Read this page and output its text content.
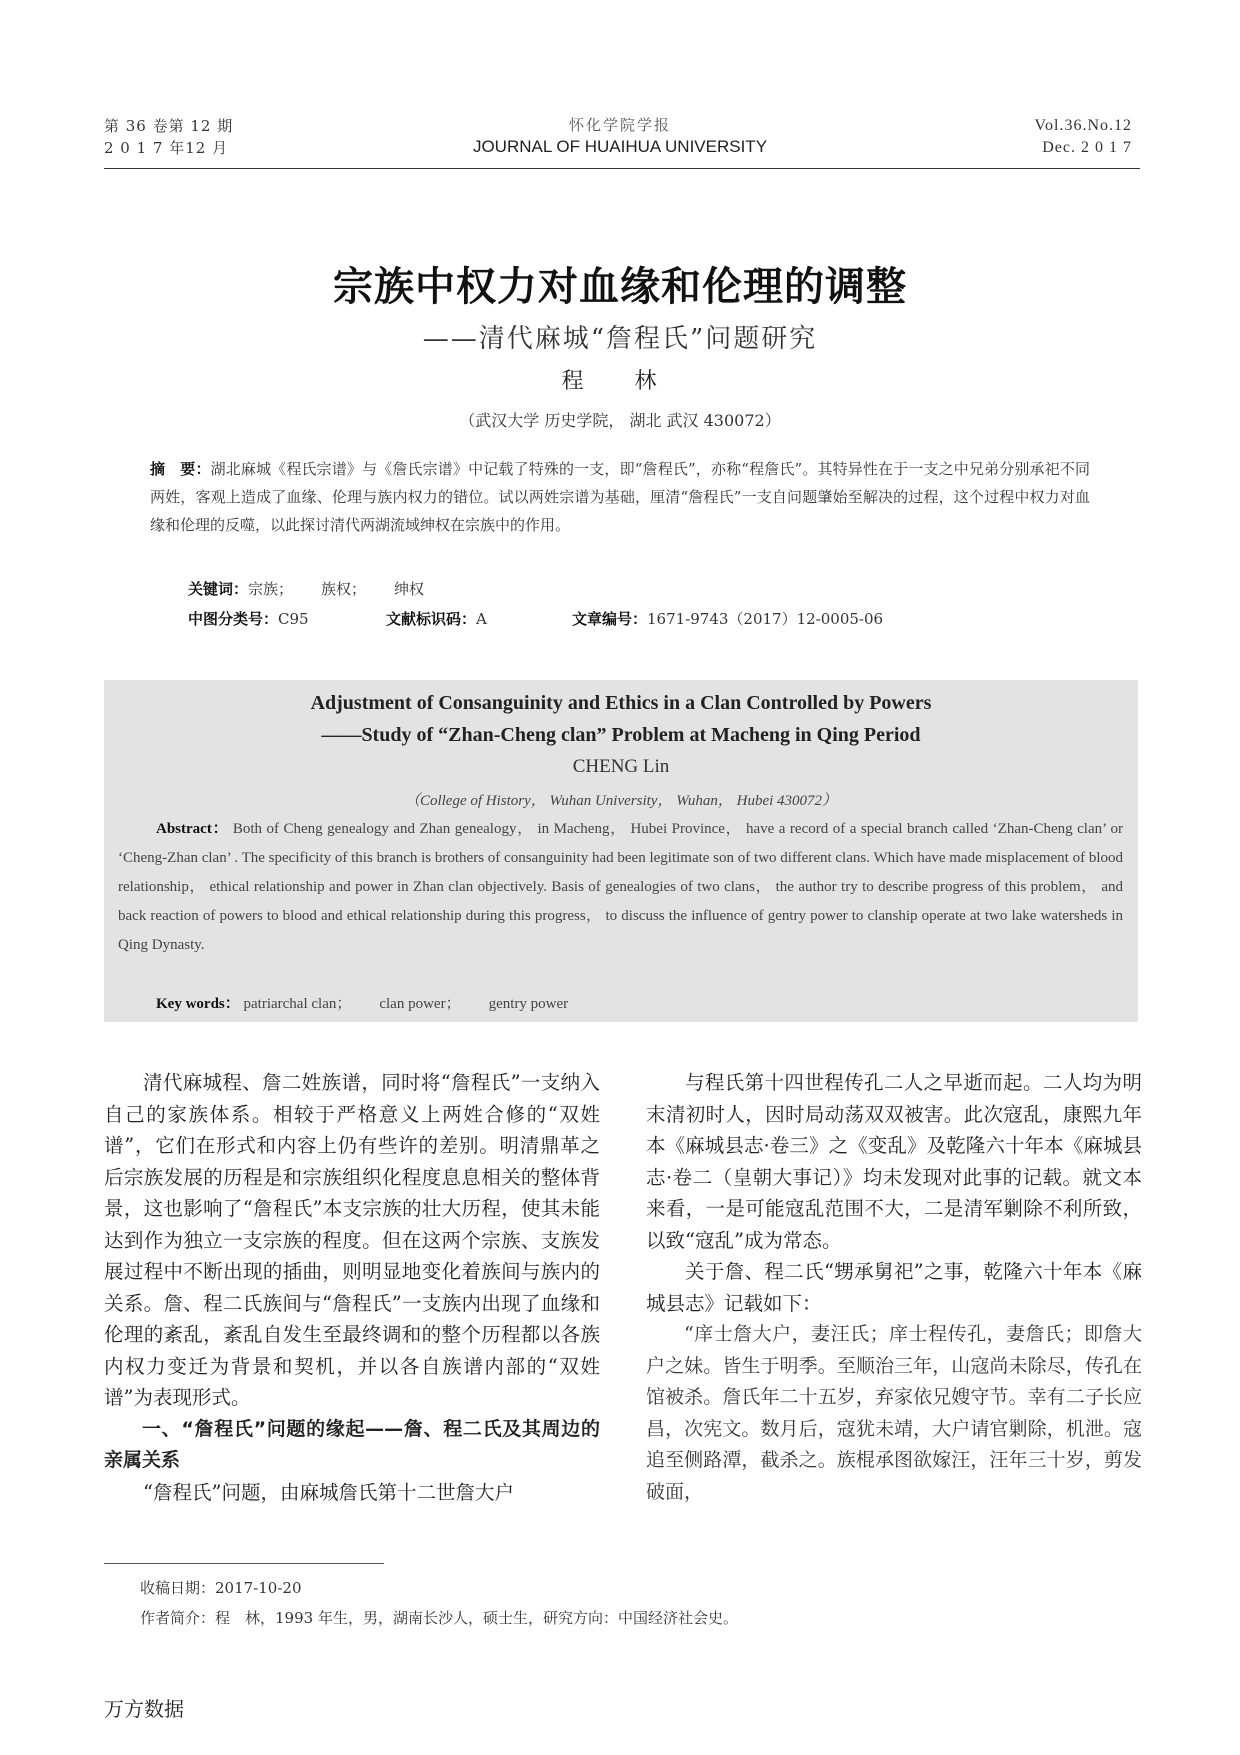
第 36 卷第 12 期
2 0 1 7 年12 月
怀化学院学报
JOURNAL OF HUAIHUA UNIVERSITY
Vol.36.No.12
Dec. 2 0 1 7
宗族中权力对血缘和伦理的调整
——清代麻城“詹程氏”问题研究
程 林
（武汉大学 历史学院， 湖北 武汉 430072）
摘　要：湖北麻城《程氏宗谱》与《詹氏宗谱》中记载了特殊的一支，即“詹程氏”，亦称“程詹氏”。其特异性在于一支之中兄弟分别承祀不同两姓，客观上造成了血缘、伦理与族内权力的错位。试以两姓宗谱为基础，厘清“詹程氏”一支自问题肇始至解决的过程，这个过程中权力对血缘和伦理的反噬，以此探讨清代两湖流域绅权在宗族中的作用。
关键词：宗族； 族权； 绅权
中图分类号：C95	文献标识码：A	文章编号：1671-9743（2017）12-0005-06
Adjustment of Consanguinity and Ethics in a Clan Controlled by Powers
——Study of “Zhan-Cheng clan” Problem at Macheng in Qing Period
CHENG Lin
（College of History， Wuhan University， Wuhan， Hubei 430072）
Abstract： Both of Cheng genealogy and Zhan genealogy， in Macheng， Hubei Province， have a record of a special branch called ‘Zhan-Cheng clan’ or ‘Cheng-Zhan clan’ . The specificity of this branch is brothers of consanguinity had been legitimate son of two different clans. Which have made misplacement of blood relationship， ethical relationship and power in Zhan clan objectively. Basis of genealogies of two clans， the author try to describe progress of this problem， and back reaction of powers to blood and ethical relationship during this progress， to discuss the influence of gentry power to clanship operate at two lake watersheds in Qing Dynasty.
Key words： patriarchal clan； clan power； gentry power

清代麻城程、詹二姓族谱，同时将“詹程氏”一支纳入自己的家族体系。相较于严格意义上两姓合修的“双姓谱”，它们在形式和内容上仍有些许的差别。明清鼎革之后宗族发展的历程是和宗族组织化程度息息相关的整体背景，这也影响了“詹程氏”本支宗族的壮大历程，使其未能达到作为独立一支宗族的程度。但在这两个宗族、支族发展过程中不断出现的插曲，则明显地变化着族间与族内的关系。詹、程二氏族间与“詹程氏”一支族内出现了血缘和伦理的紊乱，紊乱自发生至最终调和的整个历程都以各族内权力变迁为背景和契机，并以各自族谱内部的“双姓谱”为表现形式。

一、“詹程氏”问题的缘起——詹、程二氏及其周边的亲属关系

“詹程氏”问题，由麻城詹氏第十二世詹大户

与程氏第十四世程传孔二人之早逝而起。二人均为明末清初时人，因时局动荡双双被害。此次寇乱，康熙九年本《麻城县志·卷三》之《变乱》及乾隆六十年本《麻城县志·卷二（皇朝大事记）》均未发现对此事的记载。就文本来看，一是可能寇乱范围不大，二是清军剿除不利所致，以致“寇乱”成为常态。

关于詹、程二氏“甥承舅祀”之事，乾隆六十年本《麻城县志》记载如下：

“庠士詹大户，妻汪氏；庠士程传孔，妻詹氏；即詹大户之妹。皆生于明季。至顺治三年，山寇尚未除尽，传孔在馆被杀。詹氏年二十五岁，弃家依兄嫂守节。幸有二子长应昌，次宪文。数月后，寇犹未靖，大户请官剿除，机泄。寇追至侧路潭，截杀之。族棍承图欲嫁汪，汪年三十岁，剪发破面，

收稿日期：2017-10-20
作者简介：程　林，1993 年生，男，湖南长沙人，硕士生，研究方向：中国经济社会史。
万方数据
